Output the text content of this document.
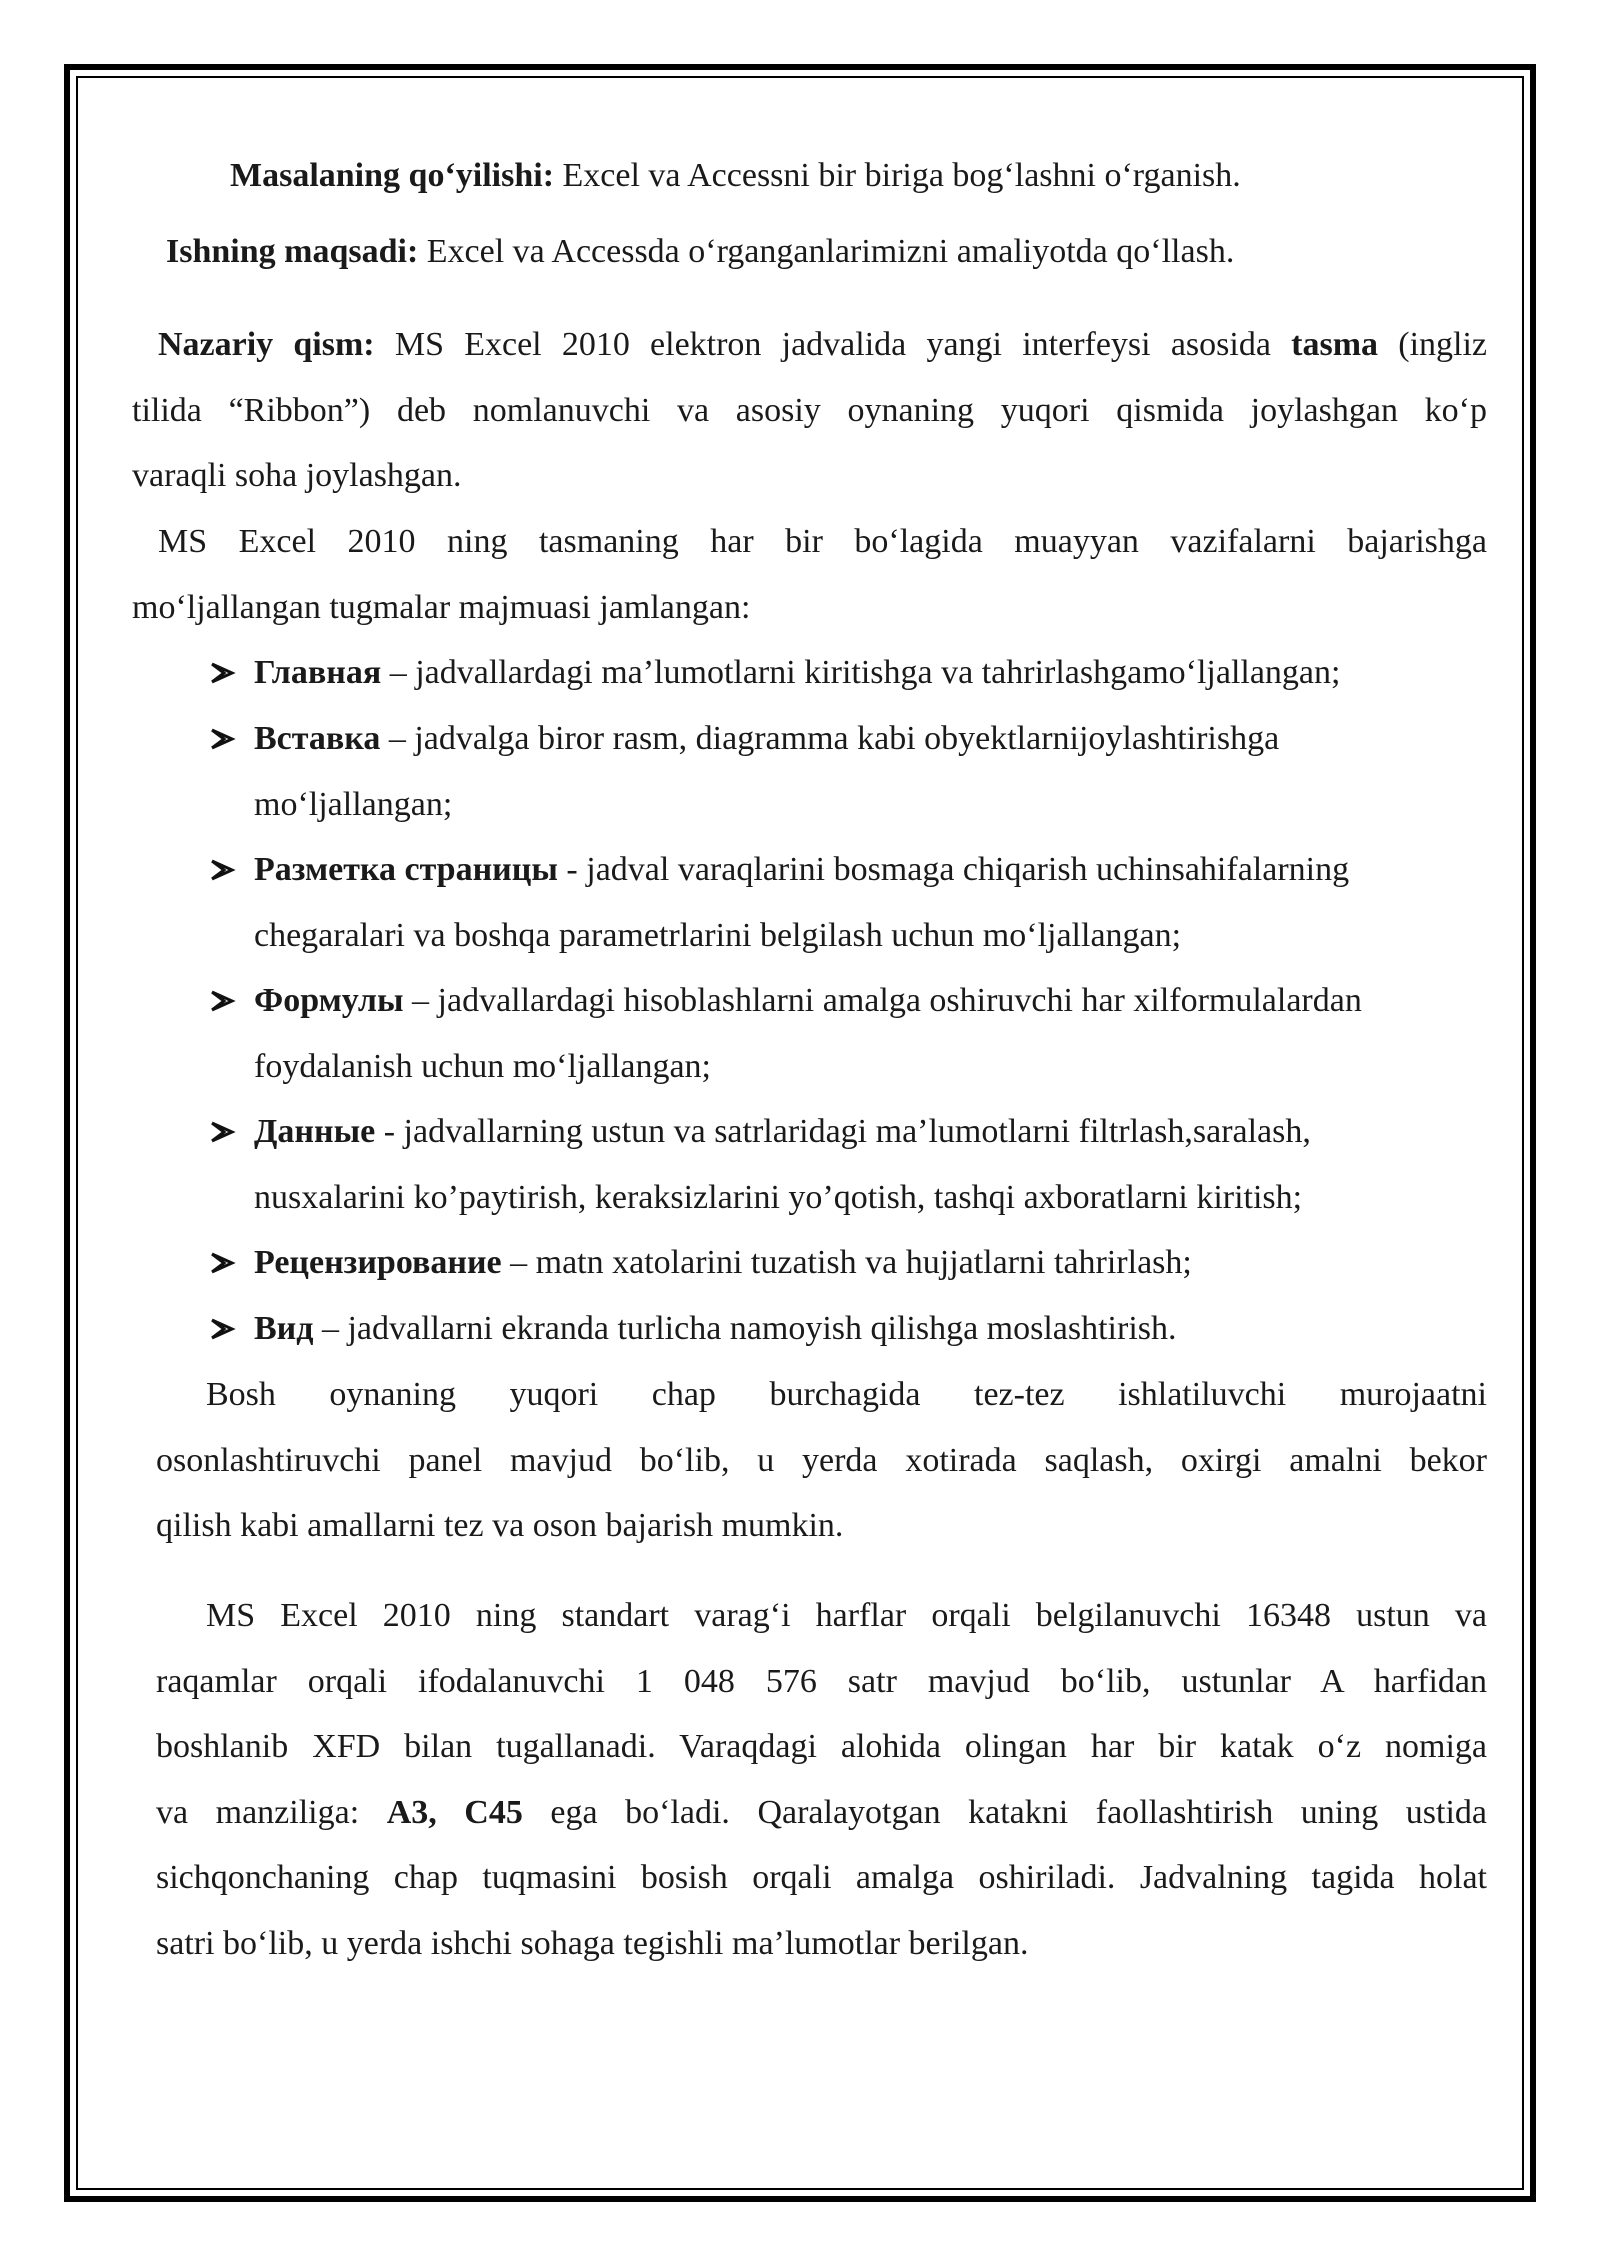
Masalaning qo‘yilishi: Excel va Accessni bir biriga bog‘lashni o‘rganish.
Ishning maqsadi: Excel va Accessda o‘rganganlarimizni amaliyotda qo‘llash.
Nazariy qism: MS Excel 2010 elektron jadvalida yangi interfeysi asosida tasma (ingliz
tilida “Ribbon”) deb nomlanuvchi va asosiy oynaning yuqori qismida joylashgan ko‘p
varaqli soha joylashgan.
MS Excel 2010 ning tasmaning har bir bo‘lagida muayyan vazifalarni bajarishga
mo‘ljallangan tugmalar majmuasi jamlangan:
Главная – jadvallardagi ma’lumotlarni kiritishga va tahrirlashgamo‘ljallangan;
Вставка – jadvalga biror rasm, diagramma kabi obyektlarnijoylashtirishga
mo‘ljallangan;
Разметка страницы - jadval varaqlarini bosmaga chiqarish uchinsahifalarning
chegaralari va boshqa parametrlarini belgilash uchun mo‘ljallangan;
Формулы – jadvallardagi hisoblashlarni amalga oshiruvchi har xilformulalardan
foydalanish uchun mo‘ljallangan;
Данные - jadvallarning ustun va satrlaridagi ma’lumotlarni filtrlash,saralash,
nusxalarini ko’paytirish, keraksizlarini yo’qotish, tashqi axboratlarni kiritish;
Рецензирование – matn xatolarini tuzatish va hujjatlarni tahrirlash;
Вид – jadvallarni ekranda turlicha namoyish qilishga moslashtirish.
Bosh oynaning yuqori chap burchagida tez-tez ishlatiluvchi murojaatni
osonlashtiruvchi panel mavjud bo‘lib, u yerda xotirada saqlash, oxirgi amalni bekor
qilish kabi amallarni tez va oson bajarish mumkin.
MS Excel 2010 ning standart varag‘i harflar orqali belgilanuvchi 16348 ustun va
raqamlar orqali ifodalanuvchi 1 048 576 satr mavjud bo‘lib, ustunlar A harfidan
boshlanib XFD bilan tugallanadi. Varaqdagi alohida olingan har bir katak o‘z nomiga
va manziliga: A3, C45 ega bo‘ladi. Qaralayotgan katakni faollashtirish uning ustida
sichqonchaning chap tuqmasini bosish orqali amalga oshiriladi. Jadvalning tagida holat
satri bo‘lib, u yerda ishchi sohaga tegishli ma’lumotlar berilgan.
